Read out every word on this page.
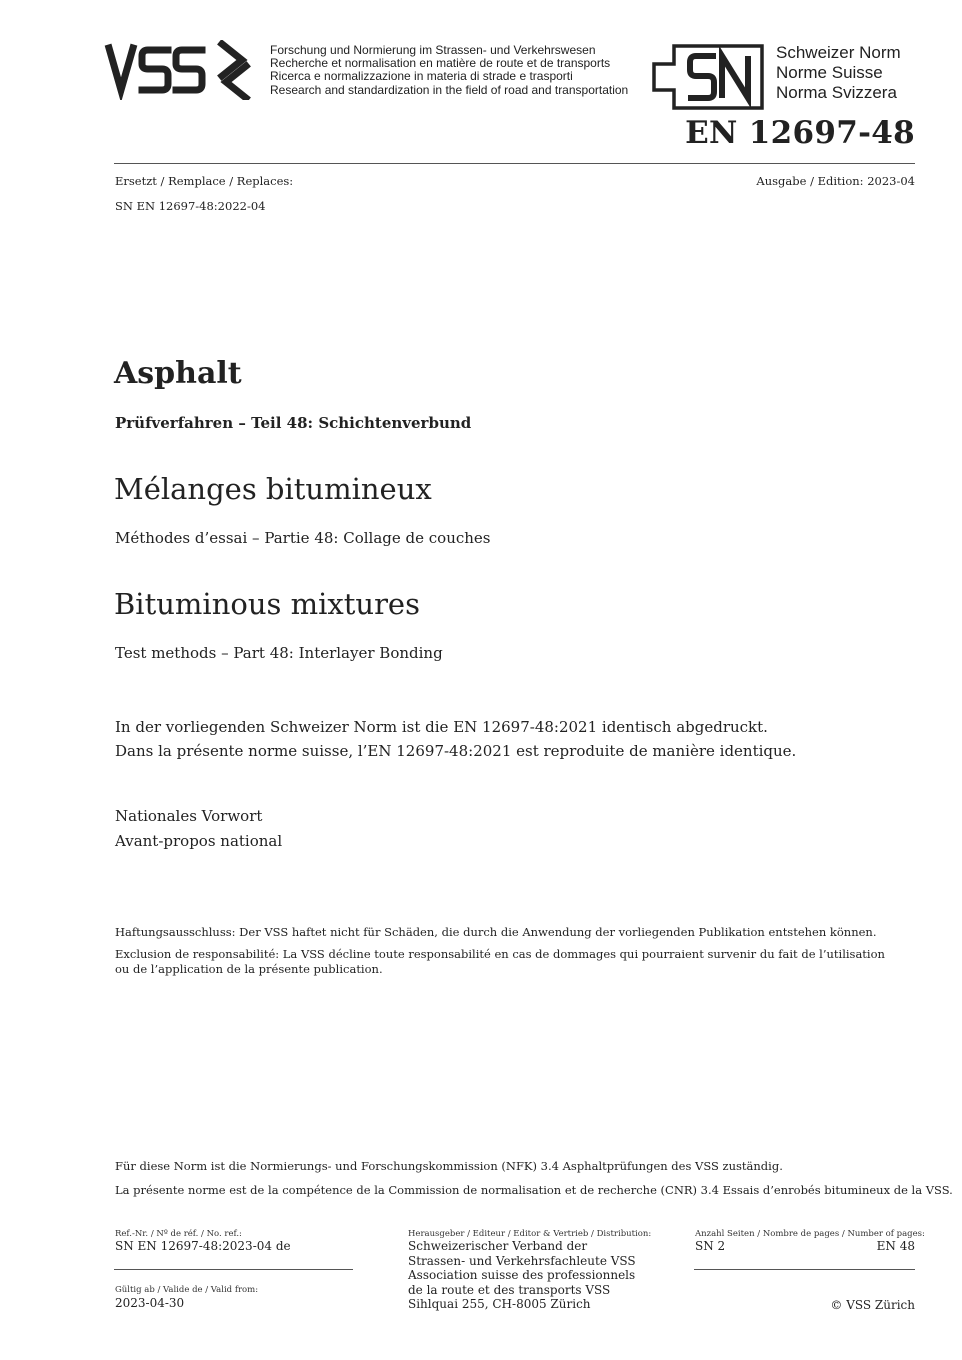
Forschung und Normierung im Strassen- und Verkehrswesen
Recherche et normalisation en matière de route et de transports
Ricerca e normalizzazione in materia di strade e trasporti
Research and standardization in the field of road and transportation
Schweizer Norm
Norme Suisse
Norma Svizzera
EN 12697-48
Ersetzt / Remplace / Replaces:
SN EN 12697-48:2022-04
Ausgabe / Edition: 2023-04
Asphalt
Prüfverfahren – Teil 48: Schichtenverbund
Mélanges bitumineux
Méthodes d’essai – Partie 48: Collage de couches
Bituminous mixtures
Test methods – Part 48: Interlayer Bonding
In der vorliegenden Schweizer Norm ist die EN 12697-48:2021 identisch abgedruckt.
Dans la présente norme suisse, l’EN 12697-48:2021 est reproduite de manière identique.
Nationales Vorwort
Avant-propos national
Haftungsausschluss: Der VSS haftet nicht für Schäden, die durch die Anwendung der vorliegenden Publikation entstehen können.
Exclusion de responsabilité: La VSS décline toute responsabilité en cas de dommages qui pourraient survenir du fait de l’utilisation
ou de l’application de la présente publication.
Für diese Norm ist die Normierungs- und Forschungskommission (NFK) 3.4 Asphaltprüfungen des VSS zuständig.
La présente norme est de la compétence de la Commission de normalisation et de recherche (CNR) 3.4 Essais d’enrobés bitumineux de la VSS.
Ref.-Nr. / Nº de réf. / No. ref.:
SN EN 12697-48:2023-04 de
Gültig ab / Valide de / Valid from:
2023-04-30
Herausgeber / Editeur / Editor & Vertrieb / Distribution:
Schweizerischer Verband der
Strassen- und Verkehrsfachleute VSS
Association suisse des professionnels
de la route et des transports VSS
Sihlquai 255, CH-8005 Zürich
Anzahl Seiten / Nombre de pages / Number of pages:
SN 2	EN 48
© VSS Zürich
